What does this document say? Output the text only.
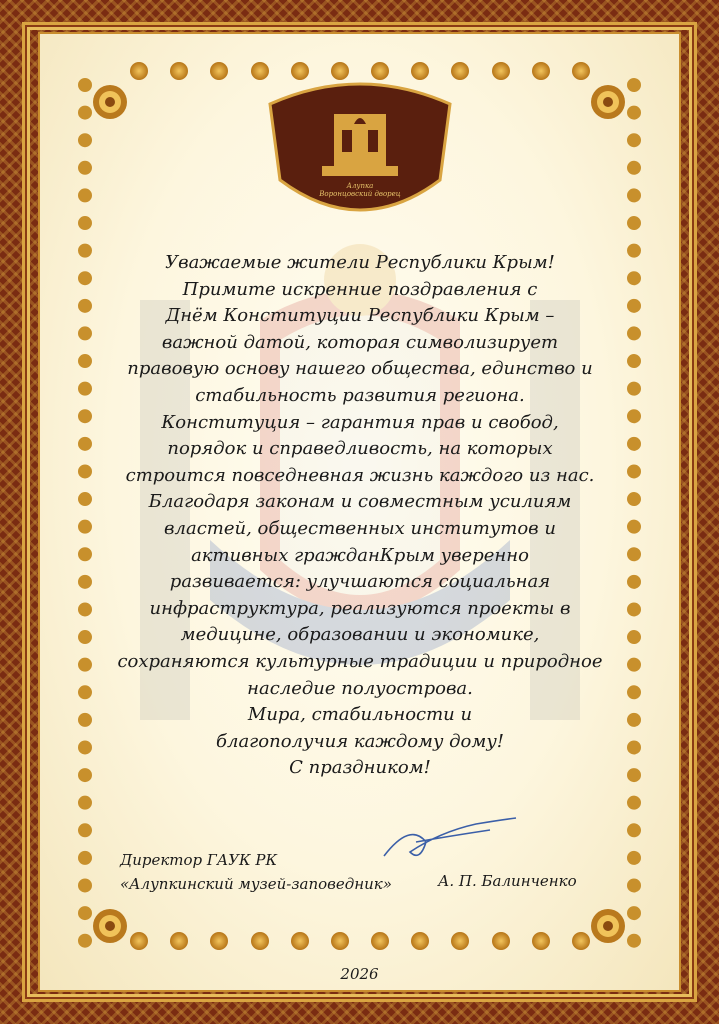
Алупка
Воронцовский дворец
Уважаемые жители Республики Крым!
Примите искренние поздравления с
Днём Конституции Республики Крым –
важной датой, которая символизирует
правовую основу нашего общества, единство и
стабильность развития региона.
Конституция – гарантия прав и свобод,
порядок и справедливость, на которых
строится повседневная жизнь каждого из нас.
Благодаря законам и совместным усилиям
властей, общественных институтов и
активных гражданКрым уверенно
развивается: улучшаются социальная
инфраструктура, реализуются проекты в
медицине, образовании и экономике,
сохраняются культурные традиции и природное
наследие полуострова.
Мира, стабильности и
благополучия каждому дому!
С праздником!
Директор ГАУК РК
«Алупкинский музей-заповедник»	А. П. Балинченко
2026
